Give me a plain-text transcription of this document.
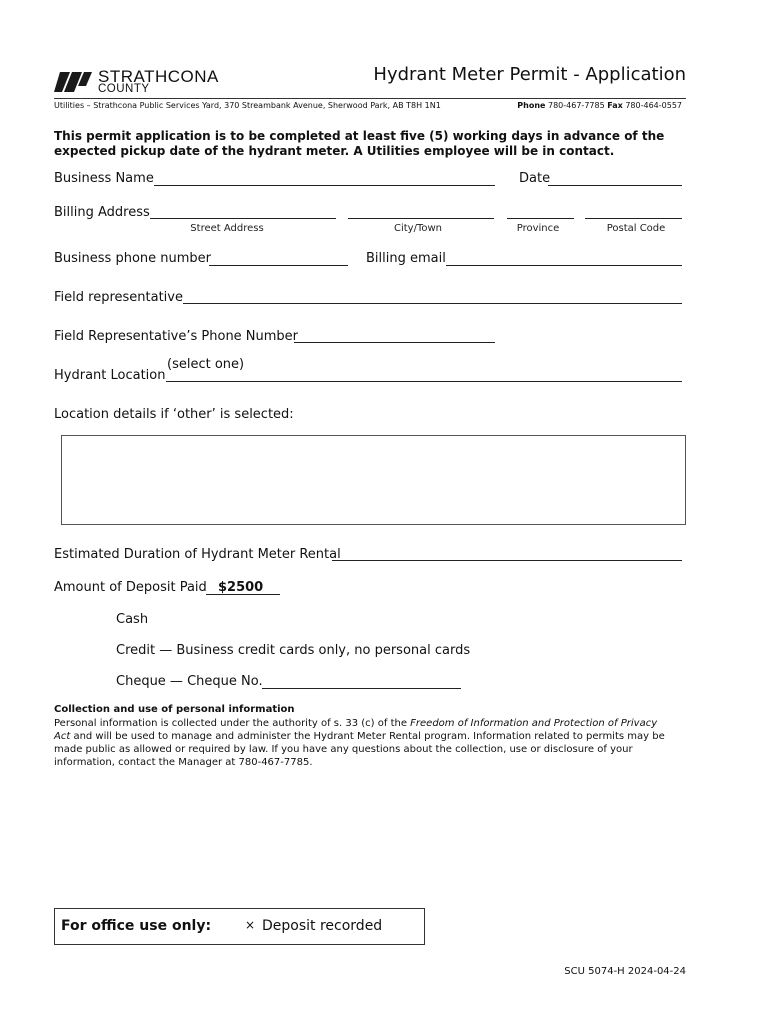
STRATHCONA
COUNTY
Hydrant Meter Permit - Application
Utilities – Strathcona Public Services Yard, 370 Streambank Avenue, Sherwood Park, AB T8H 1N1	Phone 780-467-7785 Fax 780-464-0557
This permit application is to be completed at least five (5) working days in advance of the
expected pickup date of the hydrant meter. A Utilities employee will be in contact.
Business Name	Date
Billing Address
Street Address	City/Town	Province	Postal Code
Business phone number	Billing email
Field representative
Field Representative’s Phone Number
Hydrant Location
(select one)
Location details if ‘other’ is selected:
Estimated Duration of Hydrant Meter Rental
Amount of Deposit Paid $2500
Cash
Credit — Business credit cards only, no personal cards
Cheque — Cheque No.
Collection and use of personal information
Personal information is collected under the authority of s. 33 (c) of the Freedom of Information and Protection of Privacy
Act and will be used to manage and administer the Hydrant Meter Rental program. Information related to permits may be
made public as allowed or required by law. If you have any questions about the collection, use or disclosure of your
information, contact the Manager at 780-467-7785.
For office use only:	× Deposit recorded
SCU 5074-H 2024-04-24
